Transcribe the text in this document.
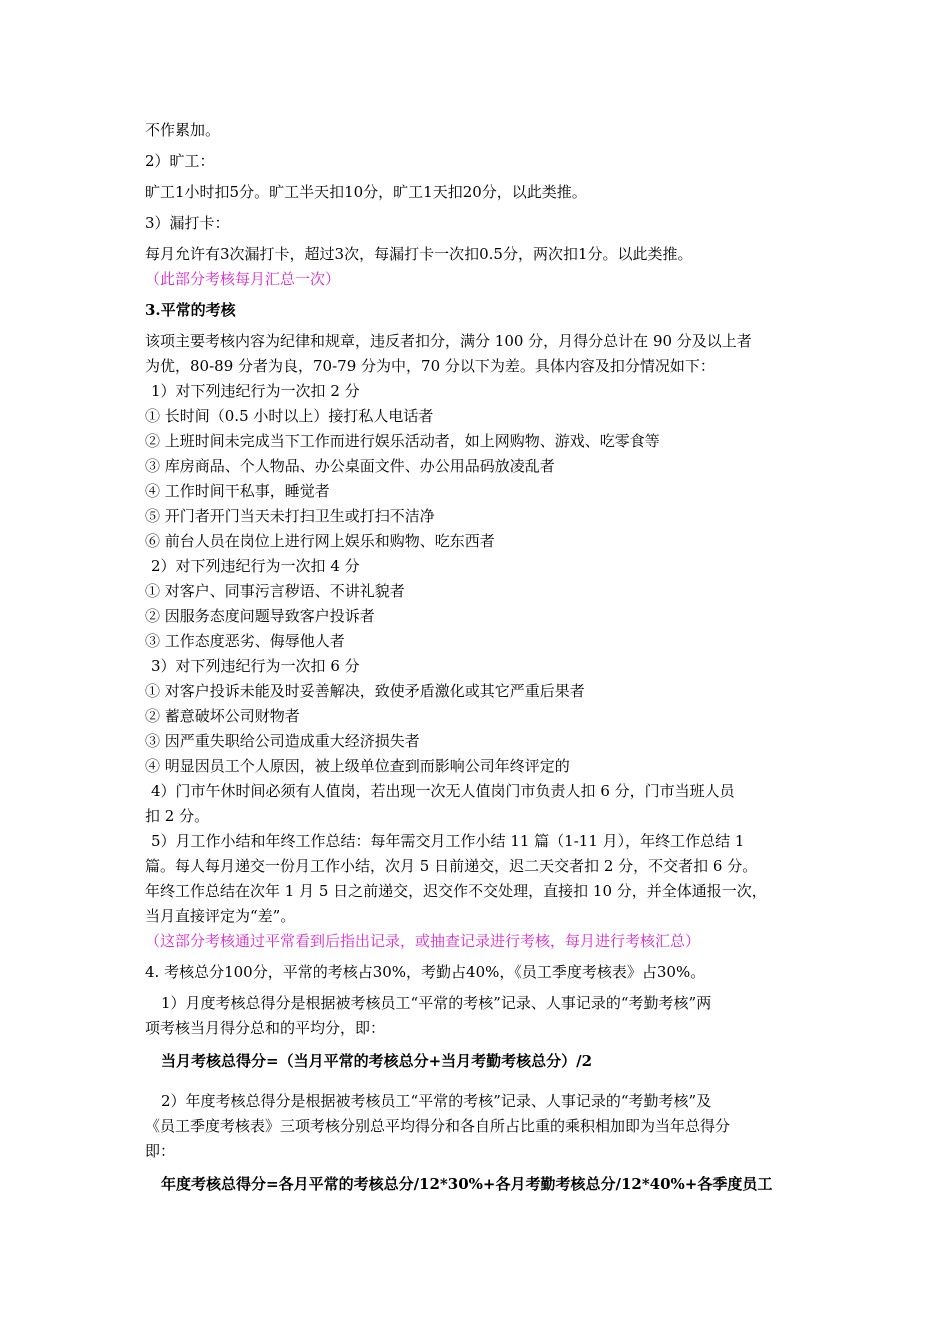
不作累加。

2）旷工：

旷工1小时扣5分。旷工半天扣10分，旷工1天扣20分，以此类推。

3）漏打卡：

每月允许有3次漏打卡，超过3次，每漏打卡一次扣0.5分，两次扣1分。以此类推。

（此部分考核每月汇总一次）

3.平常的考核

该项主要考核内容为纪律和规章，违反者扣分，满分 100 分，月得分总计在 90 分及以上者

为优，80-89 分者为良，70-79 分为中，70 分以下为差。具体内容及扣分情况如下：

1）对下列违纪行为一次扣 2 分

① 长时间（0.5 小时以上）接打私人电话者

② 上班时间未完成当下工作而进行娱乐活动者，如上网购物、游戏、吃零食等

③ 库房商品、个人物品、办公桌面文件、办公用品码放凌乱者

④ 工作时间干私事，睡觉者

⑤ 开门者开门当天未打扫卫生或打扫不洁净

⑥ 前台人员在岗位上进行网上娱乐和购物、吃东西者

2）对下列违纪行为一次扣 4 分

① 对客户、同事污言秽语、不讲礼貌者

② 因服务态度问题导致客户投诉者

③ 工作态度恶劣、侮辱他人者

3）对下列违纪行为一次扣 6 分

① 对客户投诉未能及时妥善解决，致使矛盾激化或其它严重后果者

② 蓄意破坏公司财物者

③ 因严重失职给公司造成重大经济损失者

④ 明显因员工个人原因，被上级单位查到而影响公司年终评定的

4）门市午休时间必须有人值岗，若出现一次无人值岗门市负责人扣 6 分，门市当班人员

扣 2 分。

5）月工作小结和年终工作总结：每年需交月工作小结 11 篇（1-11 月），年终工作总结 1

篇。每人每月递交一份月工作小结，次月 5 日前递交，迟二天交者扣 2 分，不交者扣 6 分。

年终工作总结在次年 1 月 5 日之前递交，迟交作不交处理，直接扣 10 分，并全体通报一次，

当月直接评定为“差”。

（这部分考核通过平常看到后指出记录，或抽查记录进行考核，每月进行考核汇总）

4. 考核总分100分，平常的考核占30%，考勤占40%，《员工季度考核表》占30%。

1）月度考核总得分是根据被考核员工“平常的考核”记录、人事记录的“考勤考核”两

项考核当月得分总和的平均分，即：

当月考核总得分=（当月平常的考核总分+当月考勤考核总分）/2

2）年度考核总得分是根据被考核员工“平常的考核”记录、人事记录的“考勤考核”及

《员工季度考核表》三项考核分别总平均得分和各自所占比重的乘积相加即为当年总得分

即：

年度考核总得分=各月平常的考核总分/12*30%+各月考勤考核总分/12*40%+各季度员工
